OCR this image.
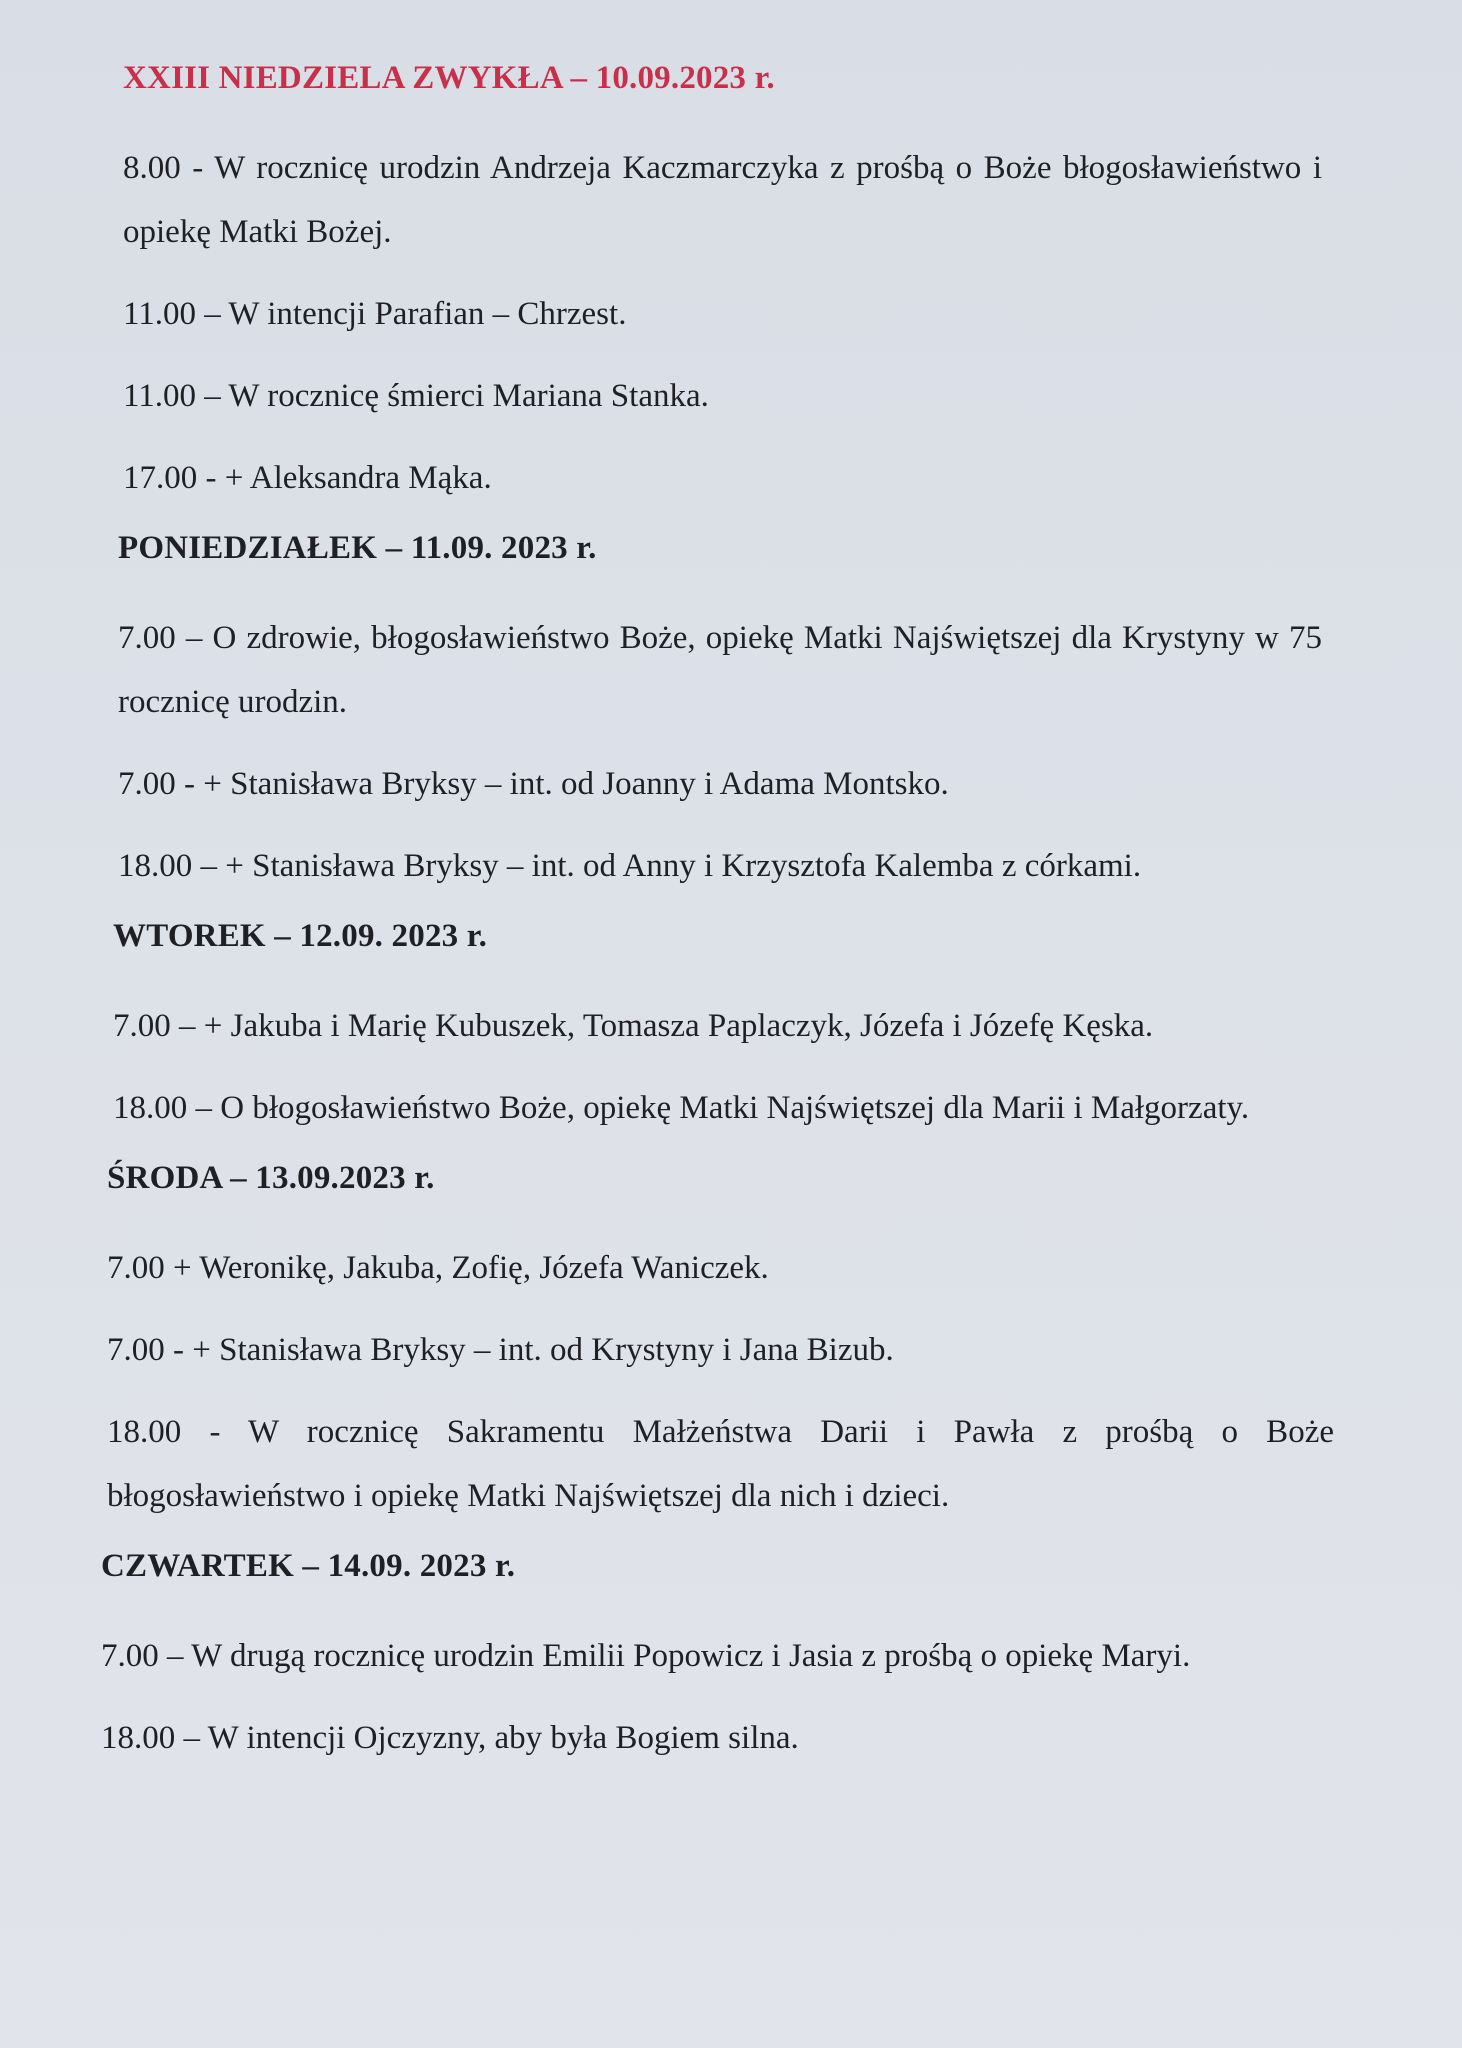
XXIII NIEDZIELA ZWYKŁA – 10.09.2023 r.

8.00 - W rocznicę urodzin Andrzeja Kaczmarczyka z prośbą o Boże błogosławieństwo i opiekę Matki Bożej.

11.00 – W intencji Parafian – Chrzest.

11.00 – W rocznicę śmierci Mariana Stanka.

17.00 - + Aleksandra Mąka.

PONIEDZIAŁEK – 11.09. 2023 r.

7.00 – O zdrowie, błogosławieństwo Boże, opiekę Matki Najświętszej dla Krystyny w 75 rocznicę urodzin.

7.00 - + Stanisława Bryksy – int. od Joanny i Adama Montsko.

18.00 – + Stanisława Bryksy – int. od Anny i Krzysztofa Kalemba z córkami.

WTOREK – 12.09. 2023 r.

7.00 – + Jakuba i Marię Kubuszek, Tomasza Paplaczyk, Józefa i Józefę Kęska.

18.00 – O błogosławieństwo Boże, opiekę Matki Najświętszej dla Marii i Małgorzaty.

ŚRODA – 13.09.2023 r.

7.00 + Weronikę, Jakuba, Zofię, Józefa Waniczek.

7.00 - + Stanisława Bryksy – int. od Krystyny i Jana Bizub.

18.00 - W rocznicę Sakramentu Małżeństwa Darii i Pawła z prośbą o Boże błogosławieństwo i opiekę Matki Najświętszej dla nich i dzieci.

CZWARTEK – 14.09. 2023 r.

7.00 – W drugą rocznicę urodzin Emilii Popowicz i Jasia z prośbą o opiekę Maryi.

18.00 – W intencji Ojczyzny, aby była Bogiem silna.
